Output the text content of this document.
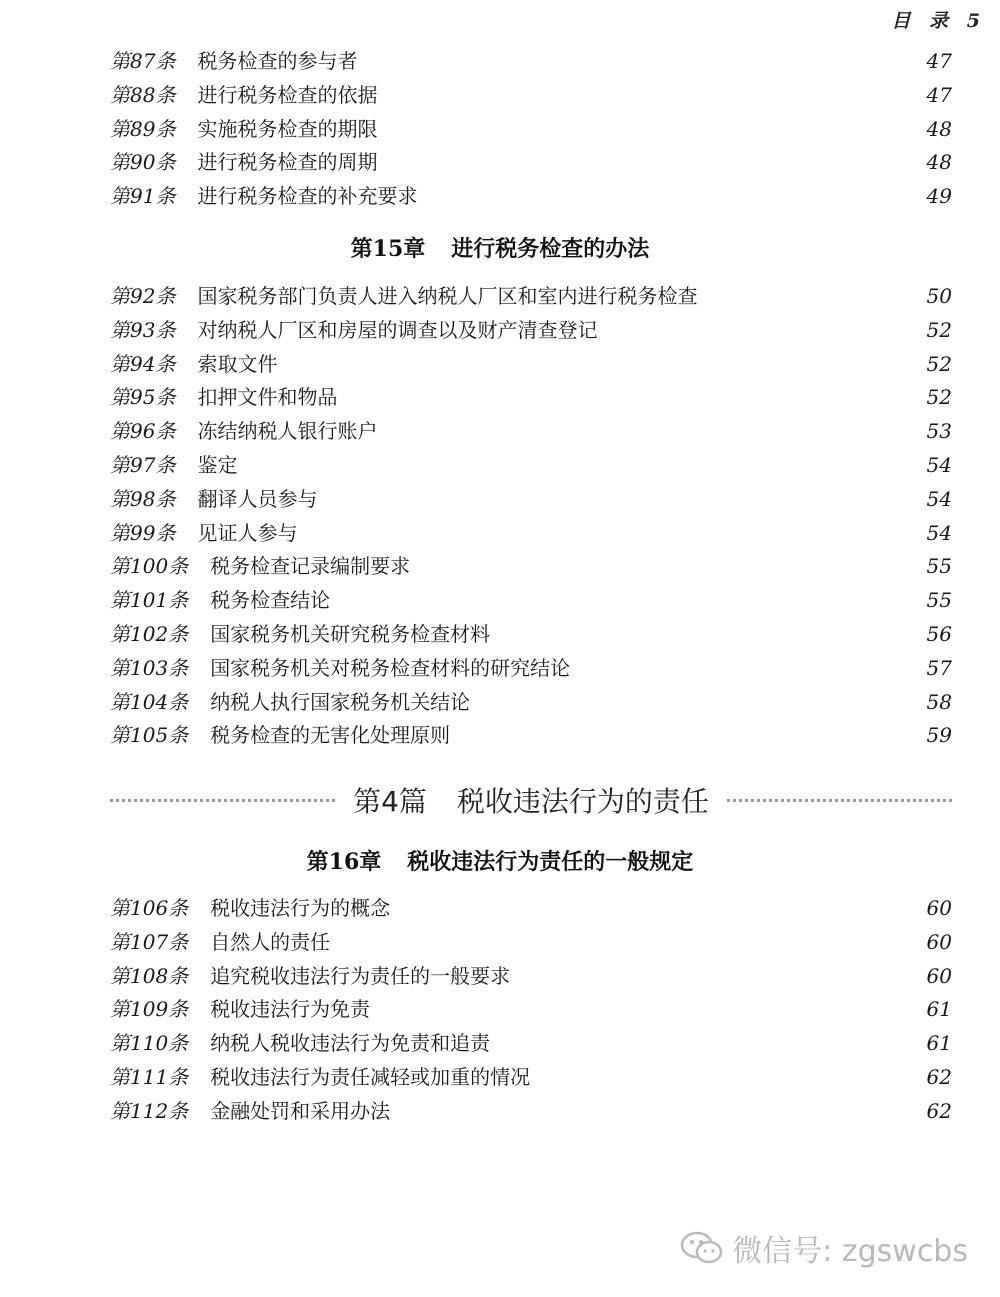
目 录 5
第87条 税务检查的参与者	47
第88条 进行税务检查的依据	47
第89条 实施税务检查的期限	48
第90条 进行税务检查的周期	48
第91条 进行税务检查的补充要求	49
第15章 进行税务检查的办法
第92条 国家税务部门负责人进入纳税人厂区和室内进行税务检查	50
第93条 对纳税人厂区和房屋的调查以及财产清查登记	52
第94条 索取文件	52
第95条 扣押文件和物品	52
第96条 冻结纳税人银行账户	53
第97条 鉴定	54
第98条 翻译人员参与	54
第99条 见证人参与	54
第100条 税务检查记录编制要求	55
第101条 税务检查结论	55
第102条 国家税务机关研究税务检查材料	56
第103条 国家税务机关对税务检查材料的研究结论	57
第104条 纳税人执行国家税务机关结论	58
第105条 税务检查的无害化处理原则	59
第4篇 税收违法行为的责任
第16章 税收违法行为责任的一般规定
第106条 税收违法行为的概念	60
第107条 自然人的责任	60
第108条 追究税收违法行为责任的一般要求	60
第109条 税收违法行为免责	61
第110条 纳税人税收违法行为免责和追责	61
第111条 税收违法行为责任减轻或加重的情况	62
第112条 金融处罚和采用办法	62
微信号: zgswcbs
